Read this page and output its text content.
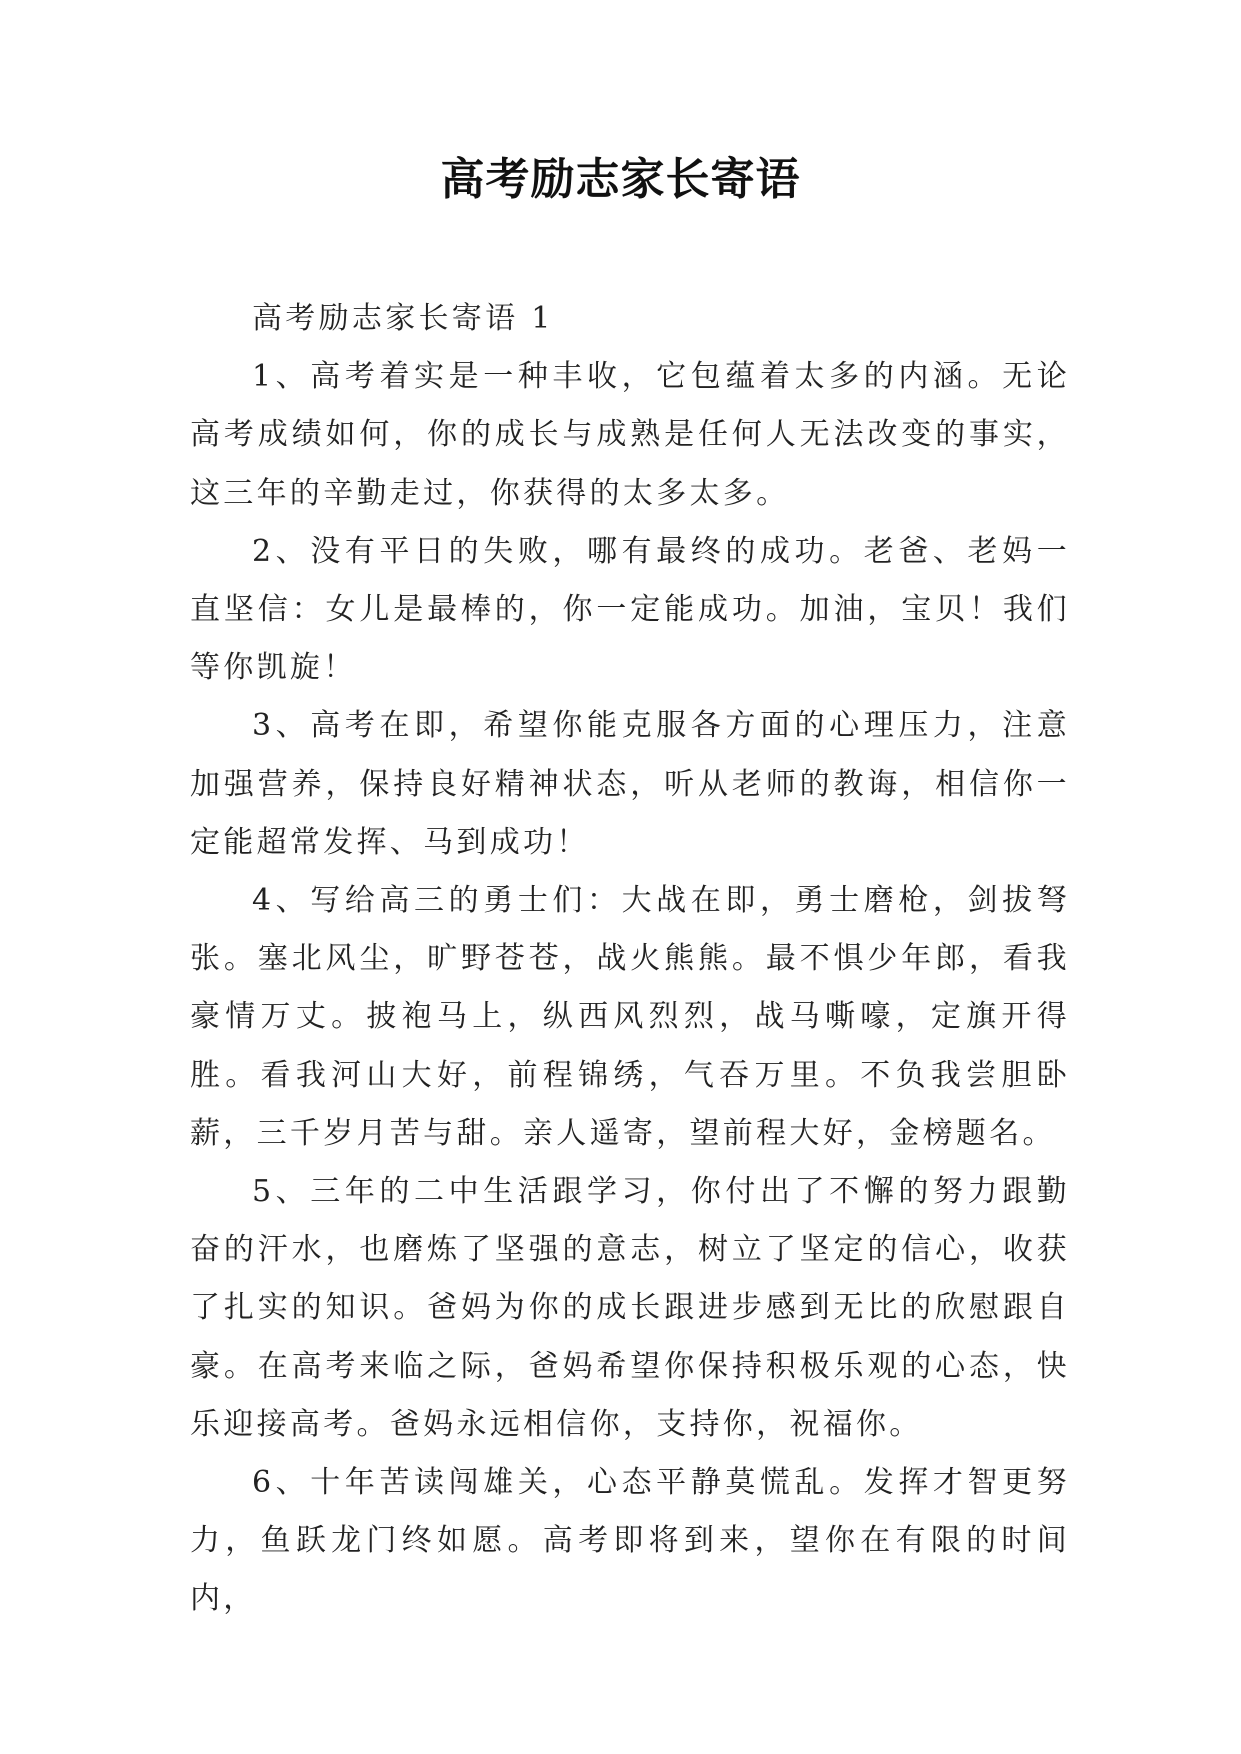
高考励志家长寄语

高考励志家长寄语 1

1、高考着实是一种丰收，它包蕴着太多的内涵。无论高考成绩如何，你的成长与成熟是任何人无法改变的事实，这三年的辛勤走过，你获得的太多太多。

2、没有平日的失败，哪有最终的成功。老爸、老妈一直坚信：女儿是最棒的，你一定能成功。加油，宝贝！我们等你凯旋！

3、高考在即，希望你能克服各方面的心理压力，注意加强营养，保持良好精神状态，听从老师的教诲，相信你一定能超常发挥、马到成功！

4、写给高三的勇士们：大战在即，勇士磨枪，剑拔弩张。塞北风尘，旷野苍苍，战火熊熊。最不惧少年郎，看我豪情万丈。披袍马上，纵西风烈烈，战马嘶嚎，定旗开得胜。看我河山大好，前程锦绣，气吞万里。不负我尝胆卧薪，三千岁月苦与甜。亲人遥寄，望前程大好，金榜题名。

5、三年的二中生活跟学习，你付出了不懈的努力跟勤奋的汗水，也磨炼了坚强的意志，树立了坚定的信心，收获了扎实的知识。爸妈为你的成长跟进步感到无比的欣慰跟自豪。在高考来临之际，爸妈希望你保持积极乐观的心态，快乐迎接高考。爸妈永远相信你，支持你，祝福你。

6、十年苦读闯雄关，心态平静莫慌乱。发挥才智更努力，鱼跃龙门终如愿。高考即将到来，望你在有限的时间内，
